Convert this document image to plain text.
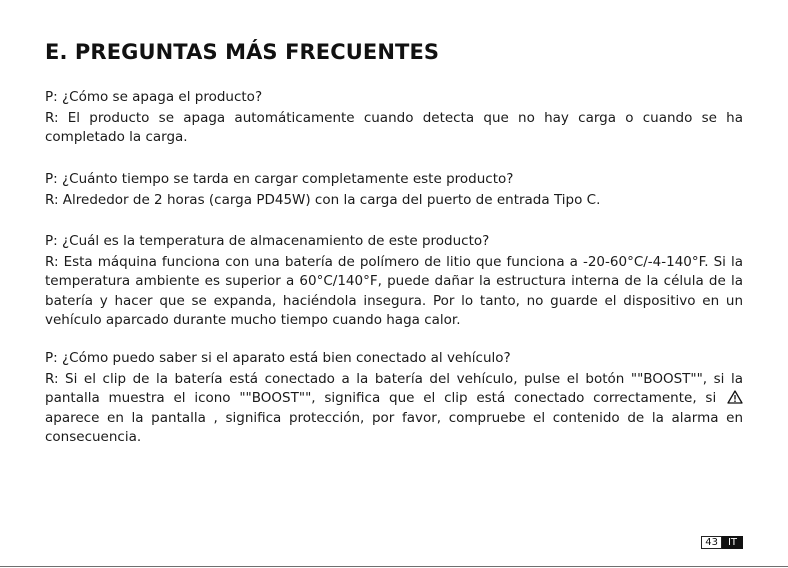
E. PREGUNTAS MÁS FRECUENTES

P: ¿Cómo se apaga el producto?

R: El producto se apaga automáticamente cuando detecta que no hay carga o cuando se ha completado la carga.

P: ¿Cuánto tiempo se tarda en cargar completamente este producto?

R: Alrededor de 2 horas (carga PD45W) con la carga del puerto de entrada Tipo C.

P: ¿Cuál es la temperatura de almacenamiento de este producto?

R: Esta máquina funciona con una batería de polímero de litio que funciona a -20-60°C/-4-140°F. Si la temperatura ambiente es superior a 60°C/140°F, puede dañar la estructura interna de la célula de la batería y hacer que se expanda, haciéndola insegura. Por lo tanto, no guarde el dispositivo en un vehículo aparcado durante mucho tiempo cuando haga calor.

P: ¿Cómo puedo saber si el aparato está bien conectado al vehículo?

R: Si el clip de la batería está conectado a la batería del vehículo, pulse el botón ""BOOST"", si la pantalla muestra el icono ""BOOST"", significa que el clip está conectado correctamente, si  aparece en la pantalla , significa protección, por favor, compruebe el contenido de la alarma en consecuencia.

43	IT
